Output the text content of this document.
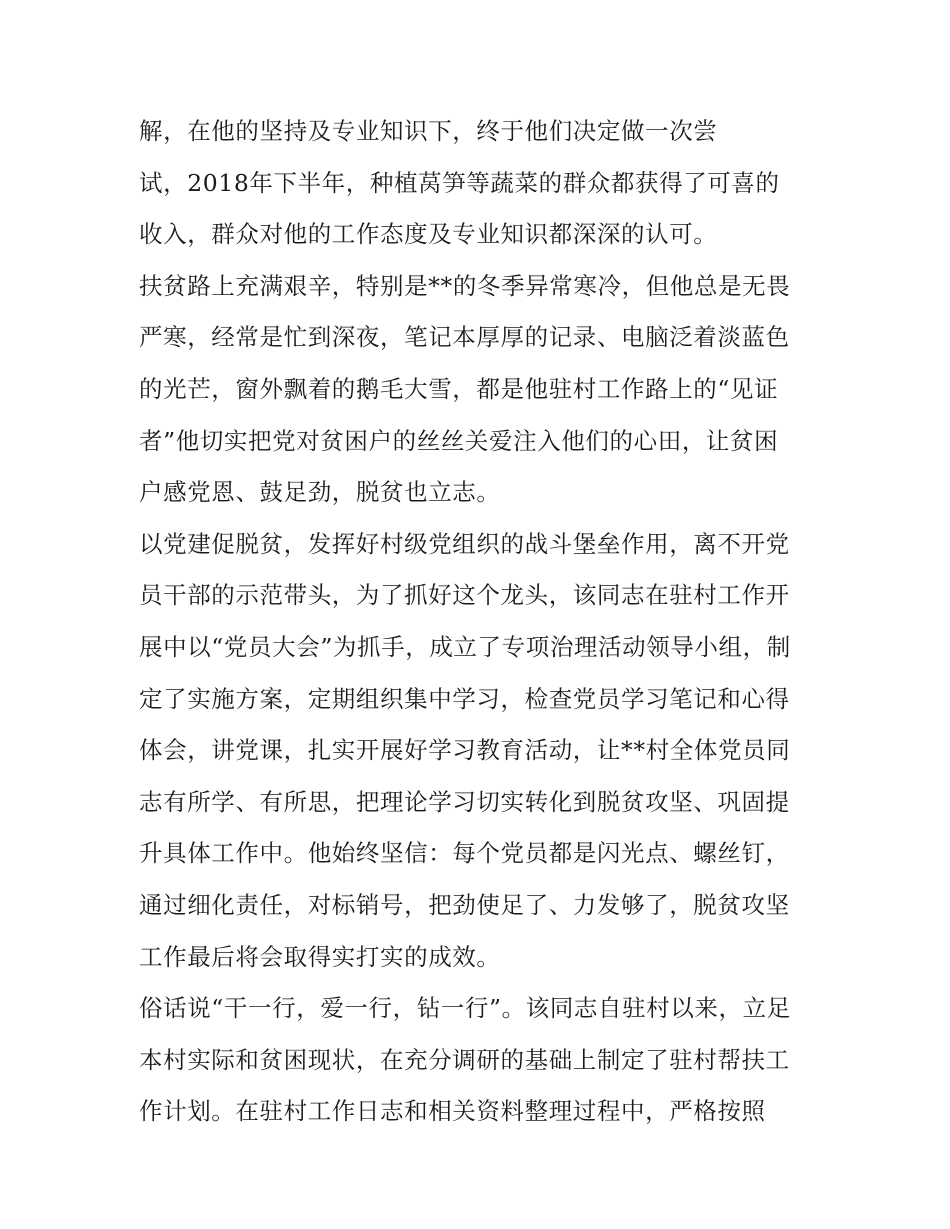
解，在他的坚持及专业知识下，终于他们决定做一次尝
试，2018年下半年，种植莴笋等蔬菜的群众都获得了可喜的
收入，群众对他的工作态度及专业知识都深深的认可。
扶贫路上充满艰辛，特别是**的冬季异常寒冷，但他总是无畏
严寒，经常是忙到深夜，笔记本厚厚的记录、电脑泛着淡蓝色
的光芒，窗外飘着的鹅毛大雪，都是他驻村工作路上的“见证
者”他切实把党对贫困户的丝丝关爱注入他们的心田，让贫困
户感党恩、鼓足劲，脱贫也立志。
以党建促脱贫，发挥好村级党组织的战斗堡垒作用，离不开党
员干部的示范带头，为了抓好这个龙头，该同志在驻村工作开
展中以“党员大会”为抓手，成立了专项治理活动领导小组，制
定了实施方案，定期组织集中学习，检查党员学习笔记和心得
体会，讲党课，扎实开展好学习教育活动，让**村全体党员同
志有所学、有所思，把理论学习切实转化到脱贫攻坚、巩固提
升具体工作中。他始终坚信：每个党员都是闪光点、螺丝钉，
通过细化责任，对标销号，把劲使足了、力发够了，脱贫攻坚
工作最后将会取得实打实的成效。
俗话说“干一行，爱一行，钻一行”。该同志自驻村以来，立足
本村实际和贫困现状，在充分调研的基础上制定了驻村帮扶工
作计划。在驻村工作日志和相关资料整理过程中，严格按照
